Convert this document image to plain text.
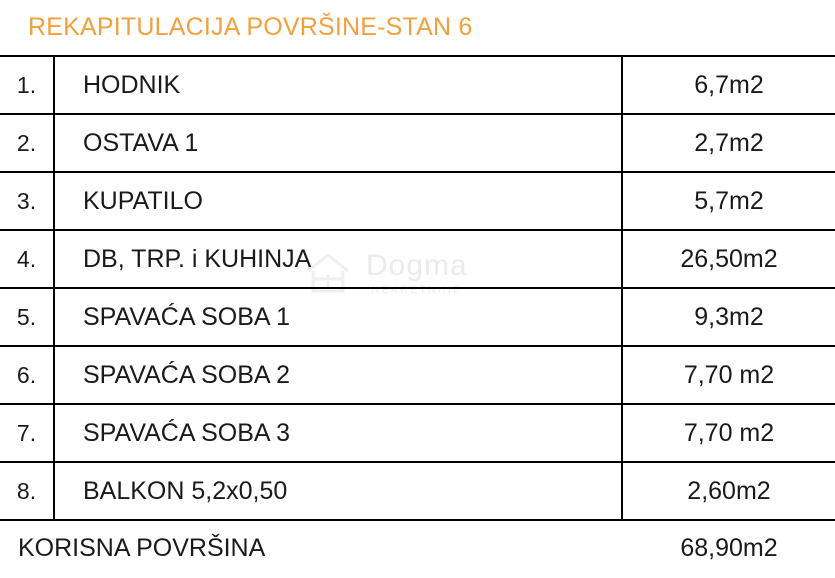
Dogma
NEKRETNINE
REKAPITULACIJA POVRŠINE-STAN 6
1.	HODNIK	6,7m2
2.	OSTAVA 1	2,7m2
3.	KUPATILO	5,7m2
4.	DB, TRP. i KUHINJA	26,50m2
5.	SPAVAĆA SOBA 1	9,3m2
6.	SPAVAĆA SOBA 2	7,70 m2
7.	SPAVAĆA SOBA 3	7,70 m2
8.	BALKON 5,2x0,50	2,60m2
KORISNA POVRŠINA	68,90m2
